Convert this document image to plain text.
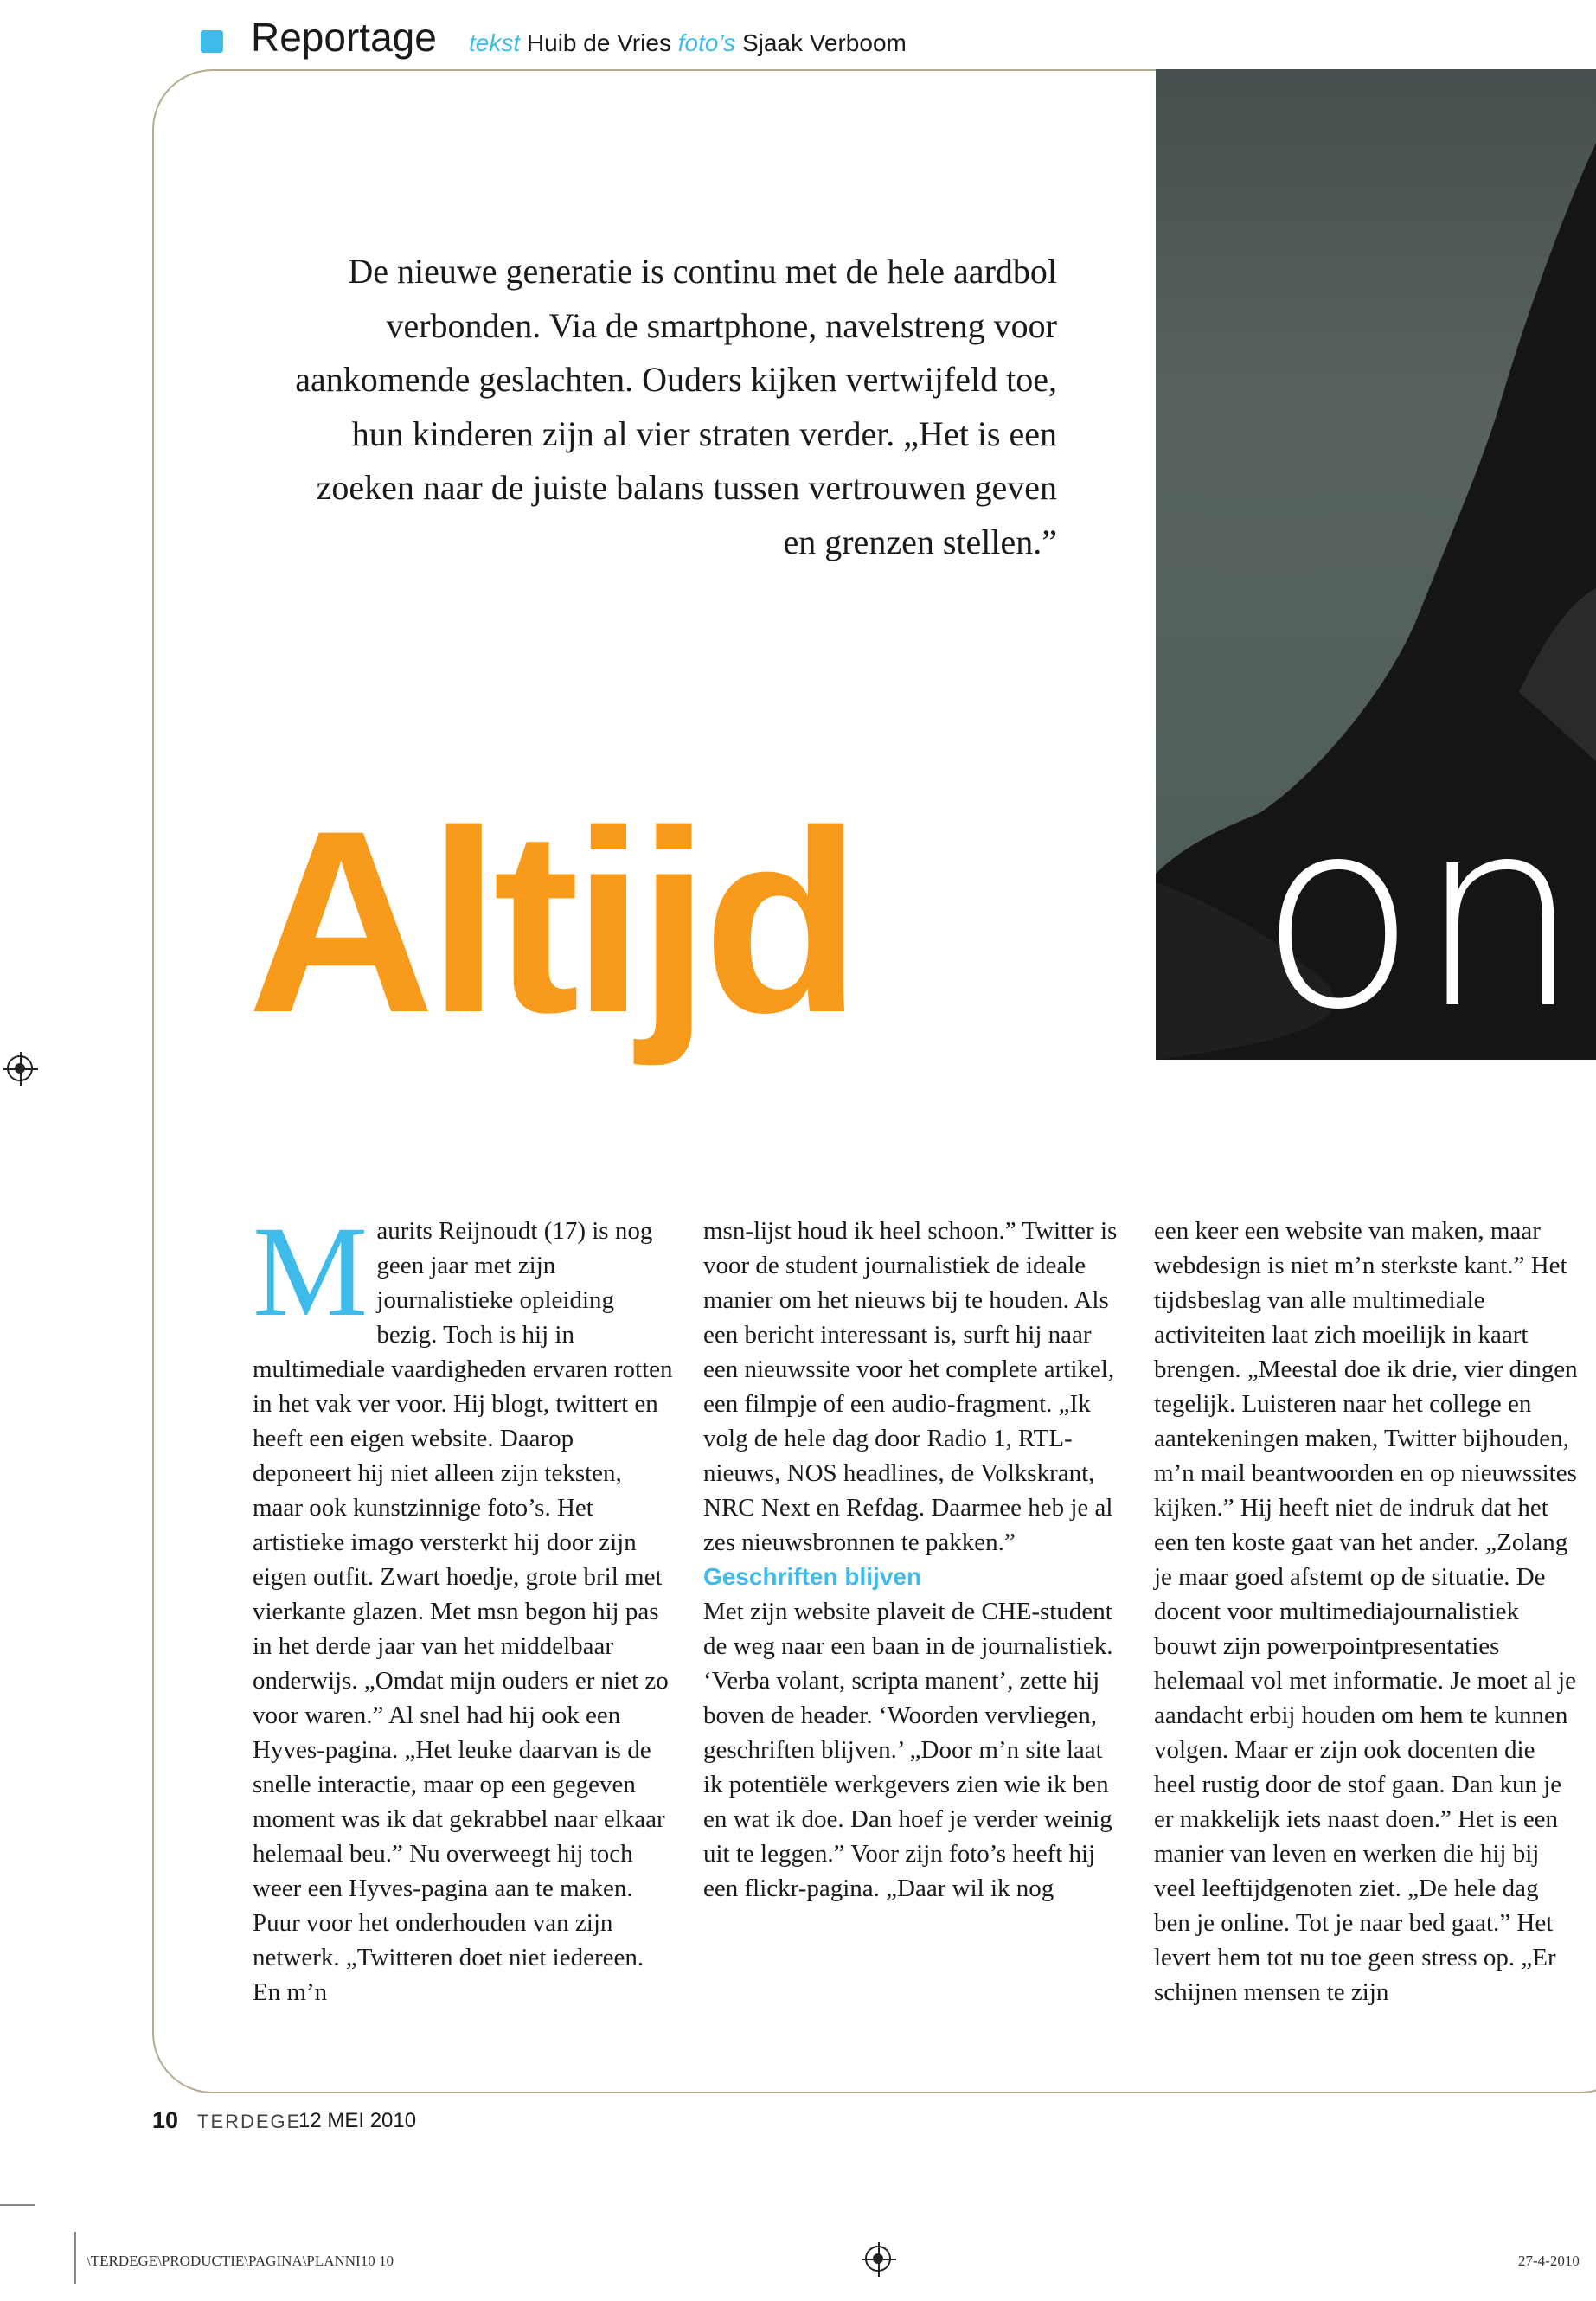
Reportage tekst Huib de Vries foto’s Sjaak Verboom
De nieuwe generatie is continu met de hele aardbol verbonden. Via de smartphone, navelstreng voor aankomende geslachten. Ouders kijken vertwijfeld toe, hun kinderen zijn al vier straten verder. „Het is een zoeken naar de juiste balans tussen vertrouwen geven en grenzen stellen.”
Altijd on

Maurits Reijnoudt (17) is nog geen jaar met zijn journalistieke opleiding bezig. Toch is hij in multimediale vaardigheden ervaren rotten in het vak ver voor. Hij blogt, twittert en heeft een eigen website. Daarop deponeert hij niet alleen zijn teksten, maar ook kunstzinnige foto’s. Het artistieke imago versterkt hij door zijn eigen outfit. Zwart hoedje, grote bril met vierkante glazen. Met msn begon hij pas in het derde jaar van het middelbaar onderwijs. „Omdat mijn ouders er niet zo voor waren.” Al snel had hij ook een Hyves-pagina. „Het leuke daarvan is de snelle interactie, maar op een gegeven moment was ik dat gekrabbel naar elkaar helemaal beu.” Nu overweegt hij toch weer een Hyves-pagina aan te maken. Puur voor het onderhouden van zijn netwerk. „Twitteren doet niet iedereen. En m’n

msn-lijst houd ik heel schoon.” Twitter is voor de student journalistiek de ideale manier om het nieuws bij te houden. Als een bericht interessant is, surft hij naar een nieuwssite voor het complete artikel, een filmpje of een audio-fragment. „Ik volg de hele dag door Radio 1, RTL-nieuws, NOS headlines, de Volkskrant, NRC Next en Refdag. Daarmee heb je al zes nieuwsbronnen te pakken.”

Geschriften blijven

Met zijn website plaveit de CHE-student de weg naar een baan in de journalistiek. ‘Verba volant, scripta manent’, zette hij boven de header. ‘Woorden vervliegen, geschriften blijven.’ „Door m’n site laat ik potentiële werkgevers zien wie ik ben en wat ik doe. Dan hoef je verder weinig uit te leggen.” Voor zijn foto’s heeft hij een flickr-pagina. „Daar wil ik nog

een keer een website van maken, maar webdesign is niet m’n sterkste kant.” Het tijdsbeslag van alle multimediale activiteiten laat zich moeilijk in kaart brengen. „Meestal doe ik drie, vier dingen tegelijk. Luisteren naar het college en aantekeningen maken, Twitter bijhouden, m’n mail beantwoorden en op nieuwssites kijken.” Hij heeft niet de indruk dat het een ten koste gaat van het ander. „Zolang je maar goed afstemt op de situatie. De docent voor multimediajournalistiek bouwt zijn powerpointpresentaties helemaal vol met informatie. Je moet al je aandacht erbij houden om hem te kunnen volgen. Maar er zijn ook docenten die heel rustig door de stof gaan. Dan kun je er makkelijk iets naast doen.” Het is een manier van leven en werken die hij bij veel leeftijdgenoten ziet. „De hele dag ben je online. Tot je naar bed gaat.” Het levert hem tot nu toe geen stress op. „Er schijnen mensen te zijn

10 TERDEGE
12 MEI 2010
\TERDEGE\PRODUCTIE\PAGINA\PLANNI10 10	27-4-2010
